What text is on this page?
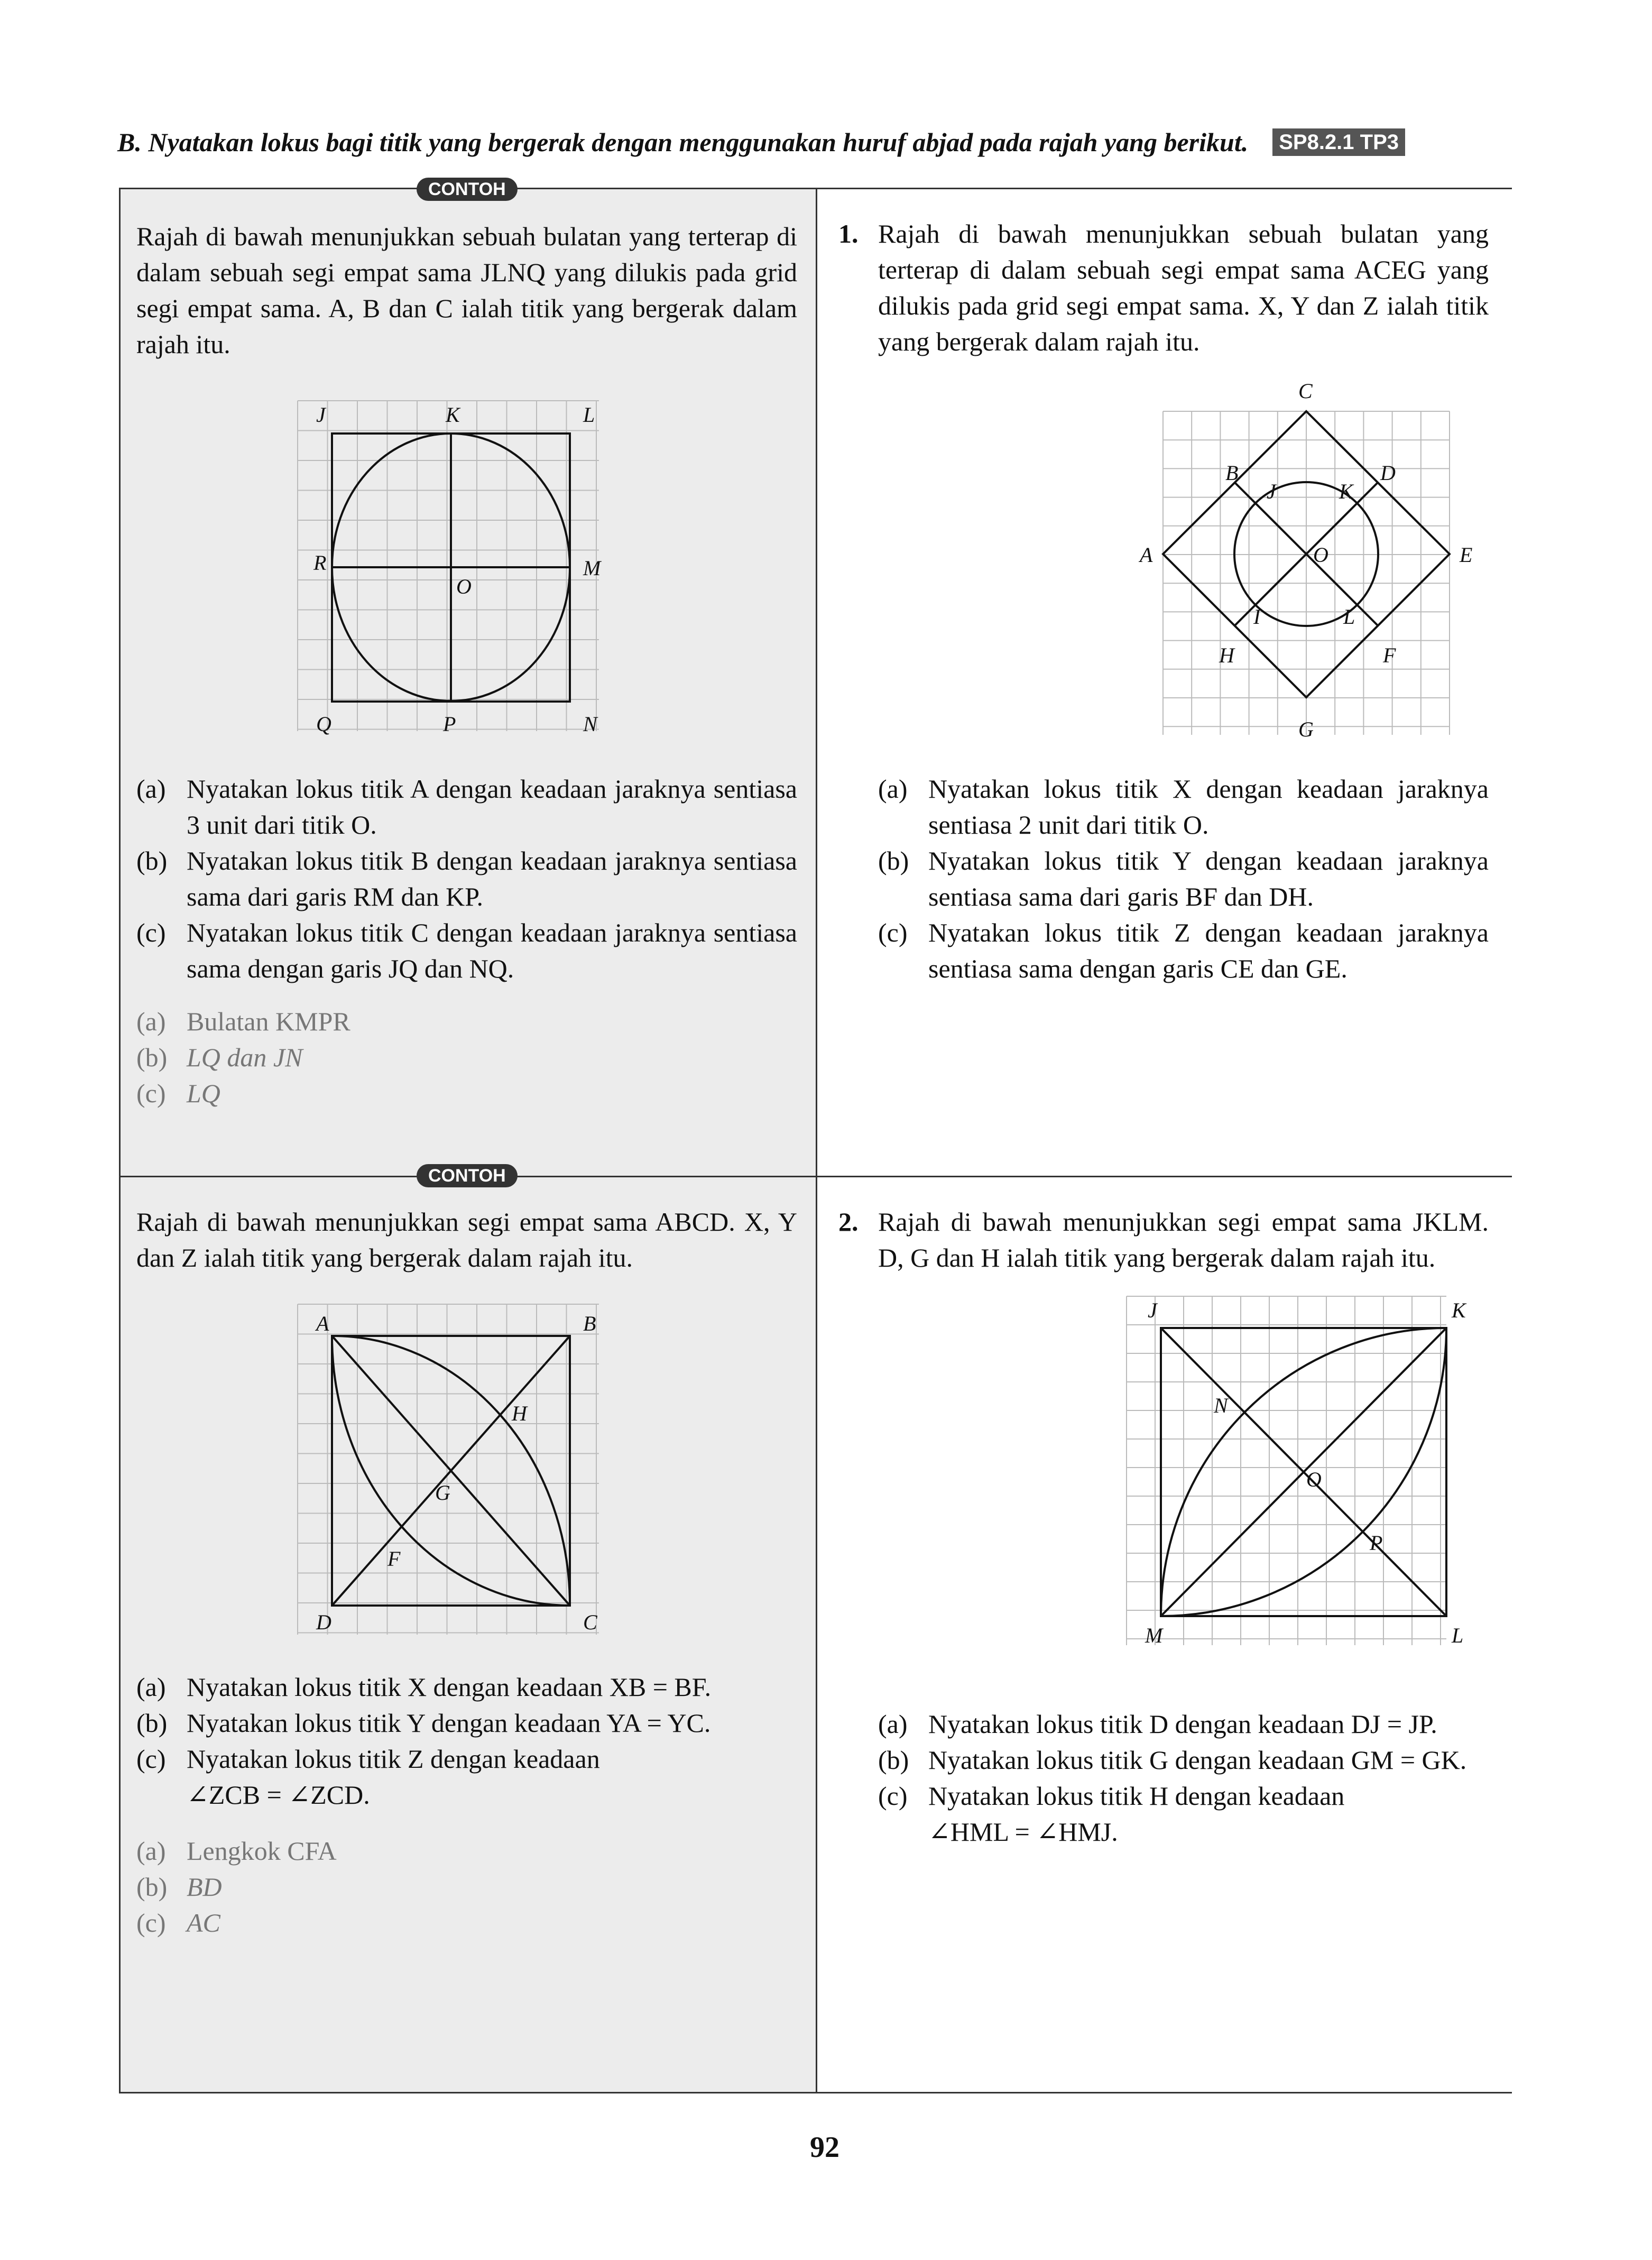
B. Nyatakan lokus bagi titik yang bergerak dengan menggunakan huruf abjad pada rajah yang berikut. SP8.2.1 TP3
Rajah di bawah menunjukkan sebuah bulatan yang terterap di dalam sebuah segi empat sama JLNQ yang dilukis pada grid segi empat sama. A, B dan C ialah titik yang bergerak dalam rajah itu.
J	K	L
R
O
M
Q	P	N
(a) Nyatakan lokus titik A dengan keadaan jaraknya sentiasa 3 unit dari titik O.
(b) Nyatakan lokus titik B dengan keadaan jaraknya sentiasa sama dari garis RM dan KP.
(c) Nyatakan lokus titik C dengan keadaan jaraknya sentiasa sama dengan garis JQ dan NQ.
(a) Bulatan KMPR
(b) LQ dan JN
(c) LQ
1. Rajah di bawah menunjukkan sebuah bulatan yang terterap di dalam sebuah segi empat sama ACEG yang dilukis pada grid segi empat sama. X, Y dan Z ialah titik yang bergerak dalam rajah itu.
C
B
J	K
D
A	O	E
I	L
H	F
G
(a) Nyatakan lokus titik X dengan keadaan jaraknya sentiasa 2 unit dari titik O.
(b) Nyatakan lokus titik Y dengan keadaan jaraknya sentiasa sama dari garis BF dan DH.
(c) Nyatakan lokus titik Z dengan keadaan jaraknya sentiasa sama dengan garis CE dan GE.
Rajah di bawah menunjukkan segi empat sama ABCD. X, Y dan Z ialah titik yang bergerak dalam rajah itu.
A	B
H
G
F
D	C
(a) Nyatakan lokus titik X dengan keadaan XB = BF.
(b) Nyatakan lokus titik Y dengan keadaan YA = YC.
(c) Nyatakan lokus titik Z dengan keadaan ∠ZCB = ∠ZCD.
(a) Lengkok CFA
(b) BD
(c) AC
2. Rajah di bawah menunjukkan segi empat sama JKLM. D, G dan H ialah titik yang bergerak dalam rajah itu.
J	K
N
O
P
M	L
(a) Nyatakan lokus titik D dengan keadaan DJ = JP.
(b) Nyatakan lokus titik G dengan keadaan GM = GK.
(c) Nyatakan lokus titik H dengan keadaan ∠HML = ∠HMJ.
CONTOH
CONTOH
92
